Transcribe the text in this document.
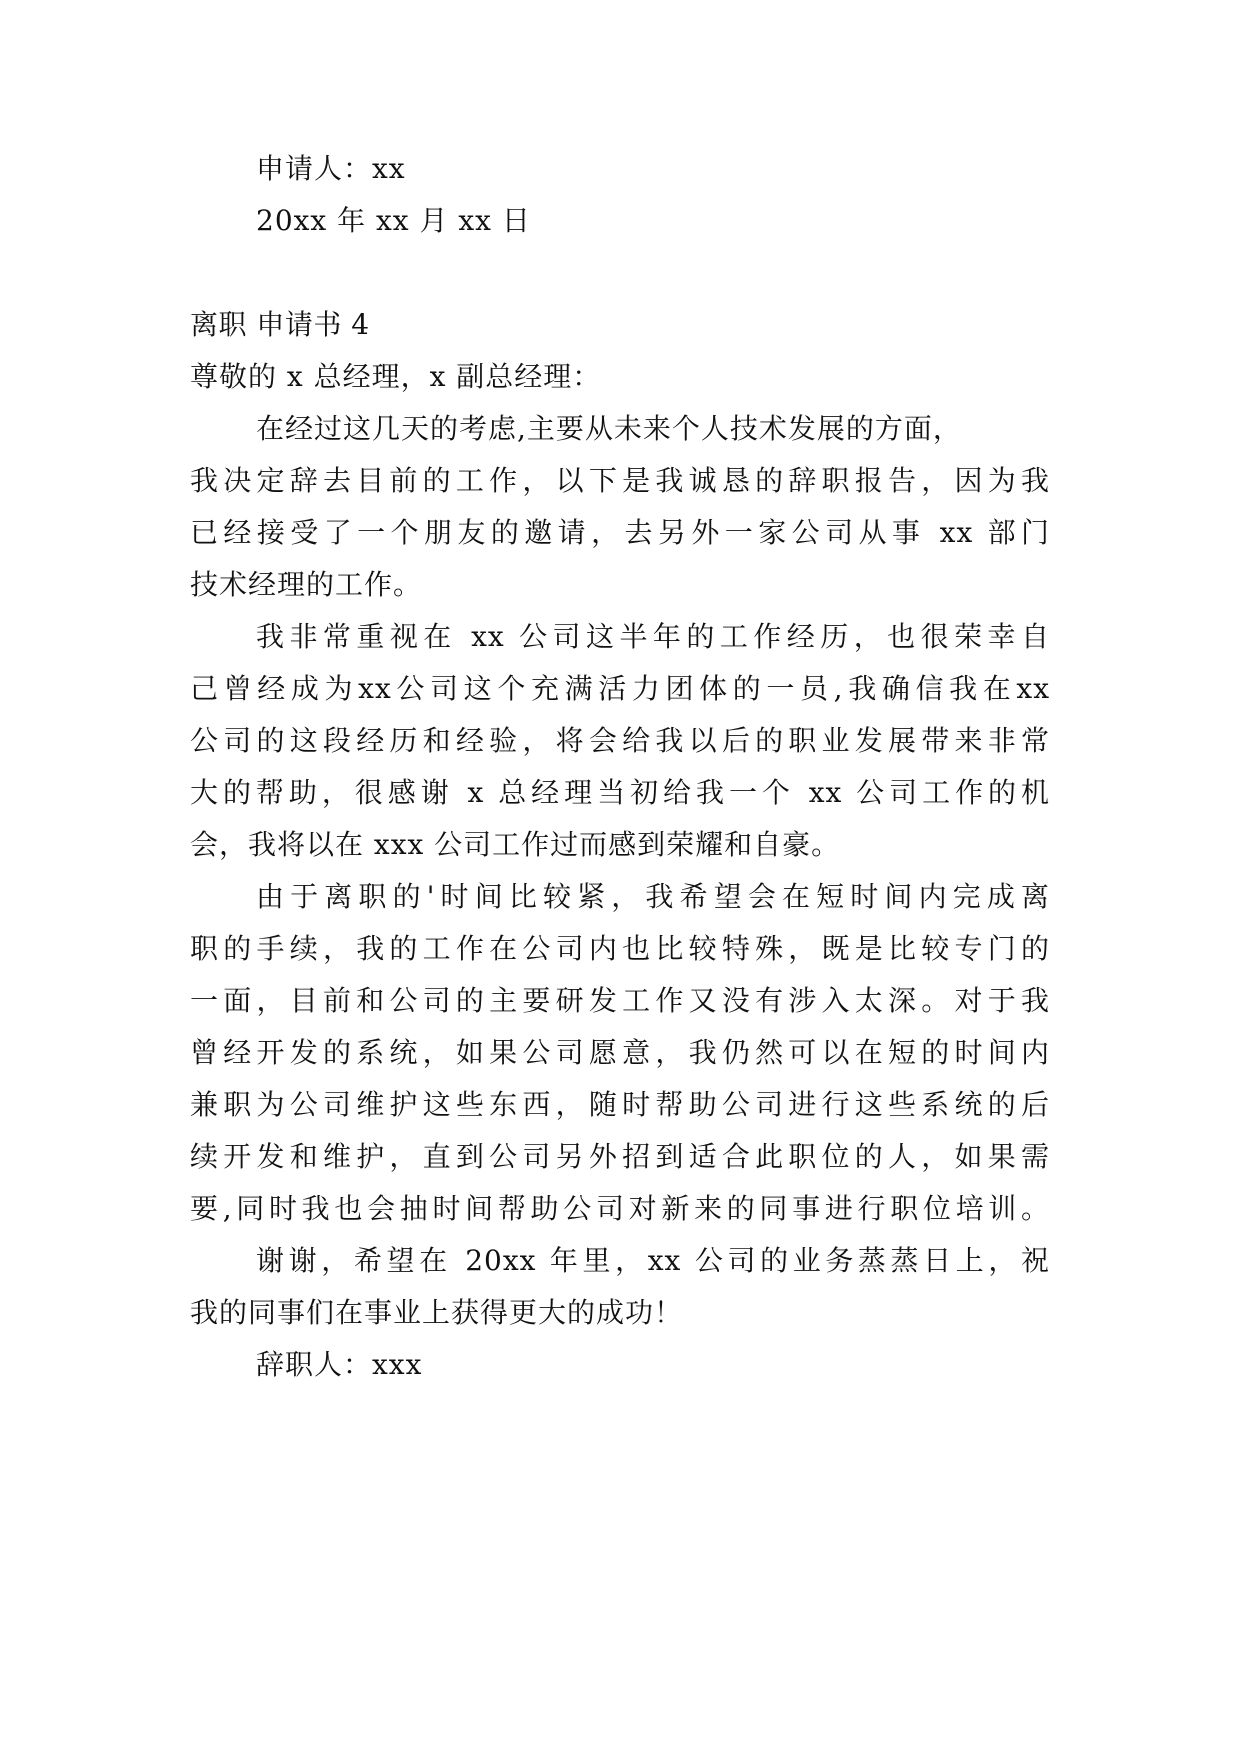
申请人：xx
20xx 年 xx 月 xx 日
离职 申请书 4
尊敬的 x 总经理，x 副总经理：
在经过这几天的考虑,主要从未来个人技术发展的方面，
我决定辞去目前的工作，以下是我诚恳的辞职报告，因为我
已经接受了一个朋友的邀请，去另外一家公司从事 xx 部门
技术经理的工作。
我非常重视在 xx 公司这半年的工作经历，也很荣幸自
己曾经成为xx公司这个充满活力团体的一员,我确信我在xx
公司的这段经历和经验，将会给我以后的职业发展带来非常
大的帮助，很感谢 x 总经理当初给我一个 xx 公司工作的机
会，我将以在 xxx 公司工作过而感到荣耀和自豪。
由于离职的'时间比较紧，我希望会在短时间内完成离
职的手续，我的工作在公司内也比较特殊，既是比较专门的
一面，目前和公司的主要研发工作又没有涉入太深。对于我
曾经开发的系统，如果公司愿意，我仍然可以在短的时间内
兼职为公司维护这些东西，随时帮助公司进行这些系统的后
续开发和维护，直到公司另外招到适合此职位的人，如果需
要,同时我也会抽时间帮助公司对新来的同事进行职位培训。
谢谢，希望在 20xx 年里，xx 公司的业务蒸蒸日上，祝
我的同事们在事业上获得更大的成功！
辞职人：xxx
